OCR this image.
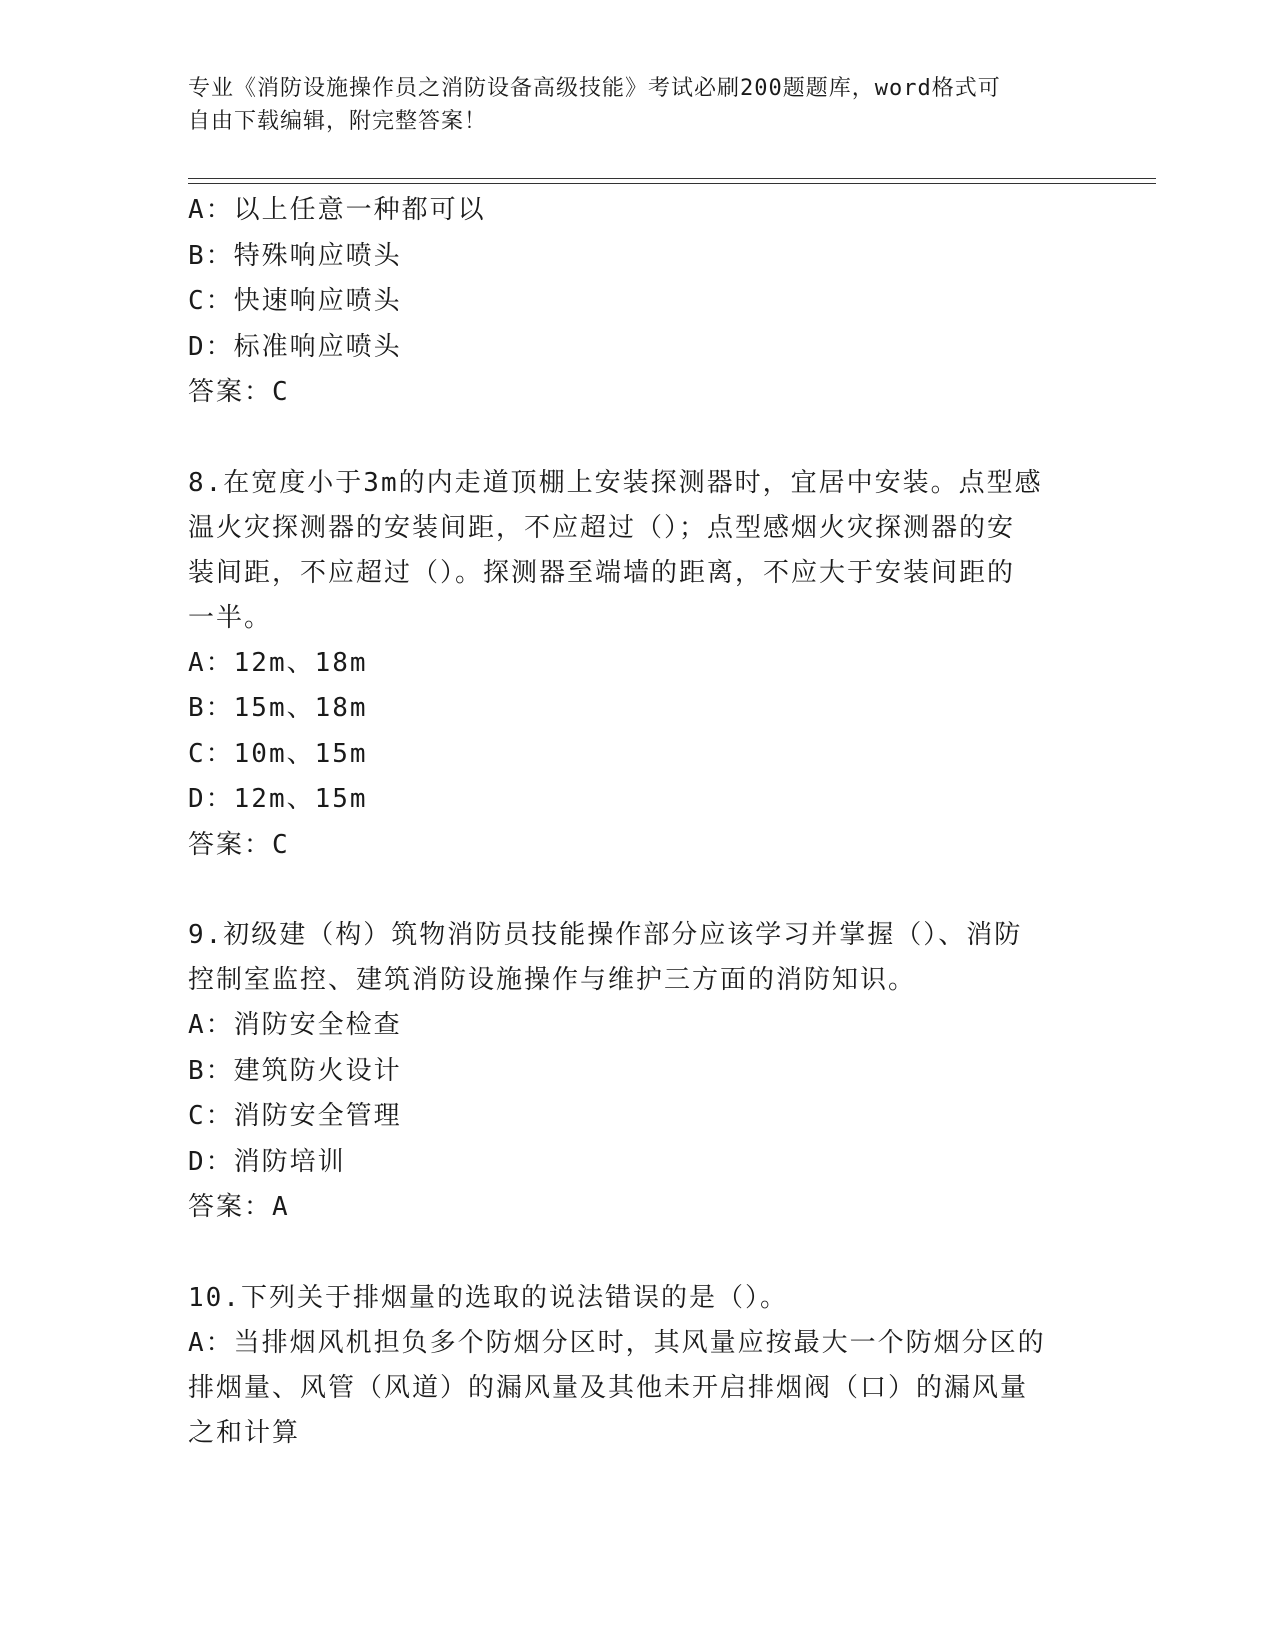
专业《消防设施操作员之消防设备高级技能》考试必刷200题题库，word格式可
自由下载编辑，附完整答案！
A：以上任意一种都可以
B：特殊响应喷头
C：快速响应喷头
D：标准响应喷头
答案：C
8.在宽度小于3m的内走道顶棚上安装探测器时，宜居中安装。点型感
温火灾探测器的安装间距，不应超过（）；点型感烟火灾探测器的安
装间距，不应超过（）。探测器至端墙的距离，不应大于安装间距的
一半。
A：12m、18m
B：15m、18m
C：10m、15m
D：12m、15m
答案：C
9.初级建（构）筑物消防员技能操作部分应该学习并掌握（）、消防
控制室监控、建筑消防设施操作与维护三方面的消防知识。
A：消防安全检查
B：建筑防火设计
C：消防安全管理
D：消防培训
答案：A
10.下列关于排烟量的选取的说法错误的是（）。
A：当排烟风机担负多个防烟分区时，其风量应按最大一个防烟分区的
排烟量、风管（风道）的漏风量及其他未开启排烟阀（口）的漏风量
之和计算
